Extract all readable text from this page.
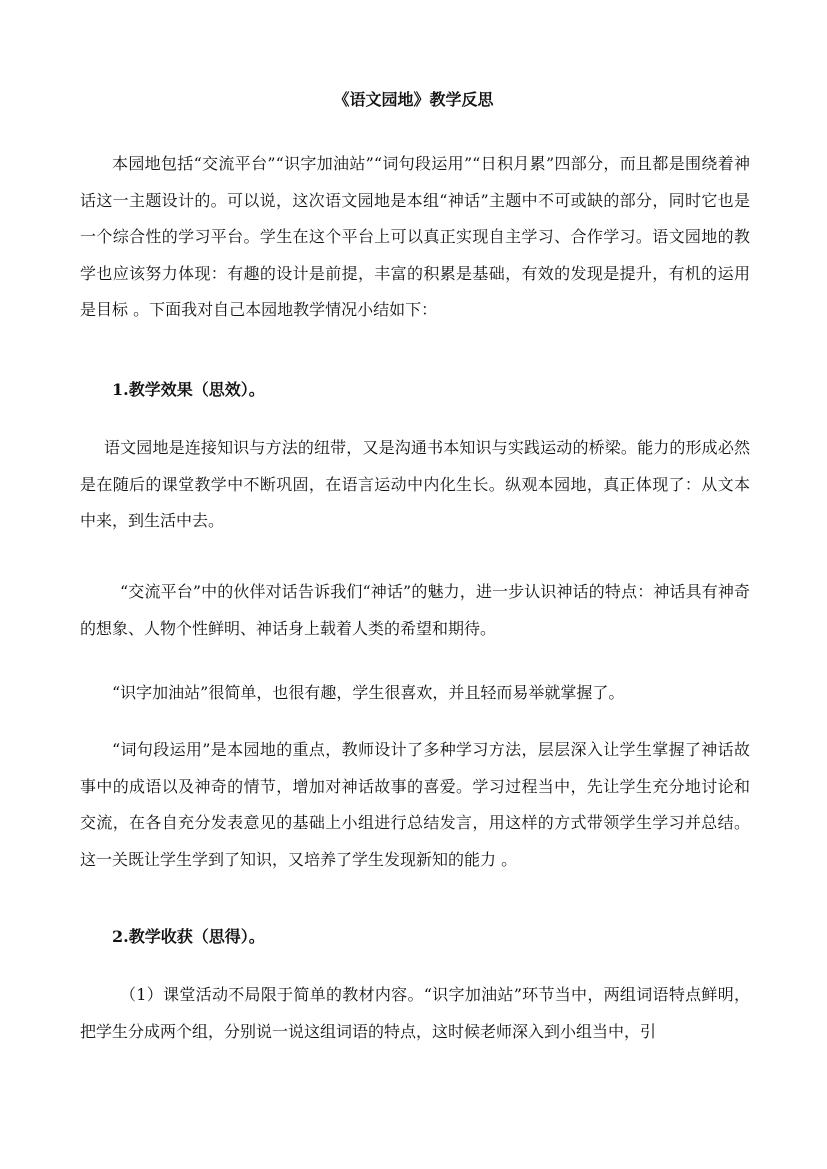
《语文园地》教学反思

本园地包括“交流平台”“识字加油站”“词句段运用”“日积月累”四部分，而且都是围绕着神话这一主题设计的。可以说，这次语文园地是本组“神话”主题中不可或缺的部分，同时它也是一个综合性的学习平台。学生在这个平台上可以真正实现自主学习、合作学习。语文园地的教学也应该努力体现：有趣的设计是前提，丰富的积累是基础，有效的发现是提升，有机的运用是目标 。下面我对自己本园地教学情况小结如下：

1.教学效果（思效）。

语文园地是连接知识与方法的纽带，又是沟通书本知识与实践运动的桥梁。能力的形成必然是在随后的课堂教学中不断巩固，在语言运动中内化生长。纵观本园地，真正体现了：从文本中来，到生活中去。

“交流平台”中的伙伴对话告诉我们“神话”的魅力，进一步认识神话的特点：神话具有神奇的想象、人物个性鲜明、神话身上载着人类的希望和期待。

“识字加油站”很简单，也很有趣，学生很喜欢，并且轻而易举就掌握了。

“词句段运用”是本园地的重点，教师设计了多种学习方法，层层深入让学生掌握了神话故事中的成语以及神奇的情节，增加对神话故事的喜爱。学习过程当中，先让学生充分地讨论和交流，在各自充分发表意见的基础上小组进行总结发言，用这样的方式带领学生学习并总结。这一关既让学生学到了知识，又培养了学生发现新知的能力 。

2.教学收获（思得）。

（1）课堂活动不局限于简单的教材内容。“识字加油站”环节当中，两组词语特点鲜明，把学生分成两个组，分别说一说这组词语的特点，这时候老师深入到小组当中，引
